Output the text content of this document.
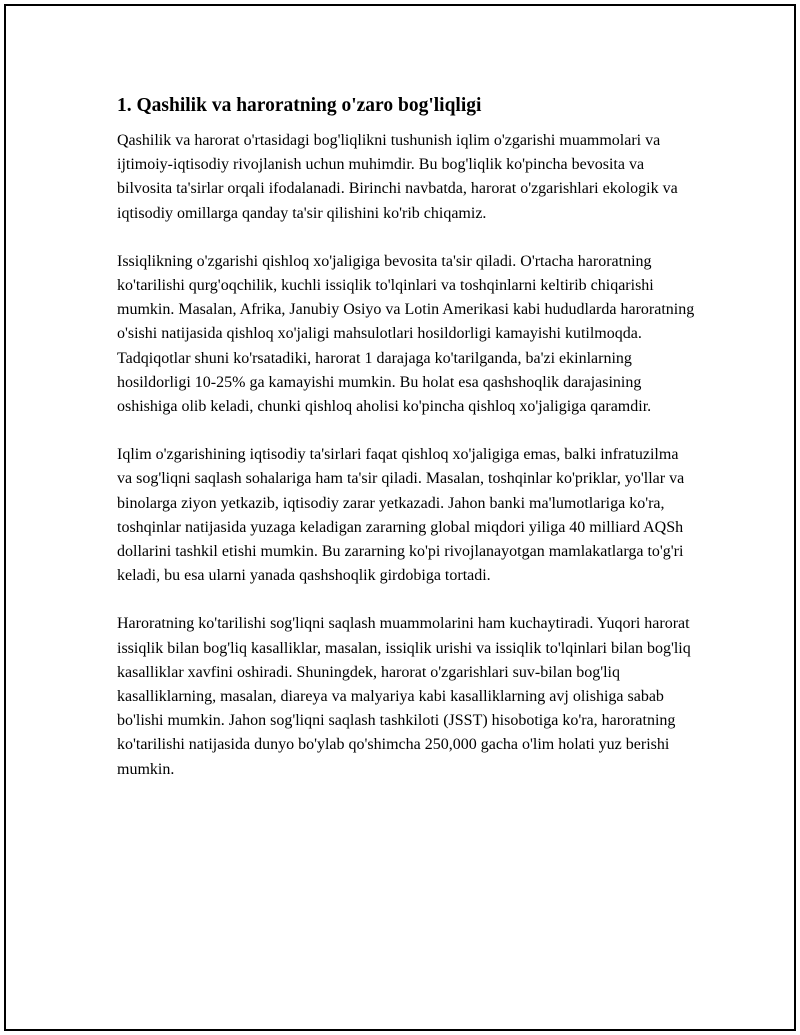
1. Qashilik va haroratning o'zaro bog'liqligi

Qashilik va harorat o'rtasidagi bog'liqlikni tushunish iqlim o'zgarishi muammolari va ijtimoiy-iqtisodiy rivojlanish uchun muhimdir. Bu bog'liqlik ko'pincha bevosita va bilvosita ta'sirlar orqali ifodalanadi. Birinchi navbatda, harorat o'zgarishlari ekologik va iqtisodiy omillarga qanday ta'sir qilishini ko'rib chiqamiz.

Issiqlikning o'zgarishi qishloq xo'jaligiga bevosita ta'sir qiladi. O'rtacha haroratning ko'tarilishi qurg'oqchilik, kuchli issiqlik to'lqinlari va toshqinlarni keltirib chiqarishi mumkin. Masalan, Afrika, Janubiy Osiyo va Lotin Amerikasi kabi hududlarda haroratning o'sishi natijasida qishloq xo'jaligi mahsulotlari hosildorligi kamayishi kutilmoqda. Tadqiqotlar shuni ko'rsatadiki, harorat 1 darajaga ko'tarilganda, ba'zi ekinlarning hosildorligi 10-25% ga kamayishi mumkin. Bu holat esa qashshoqlik darajasining oshishiga olib keladi, chunki qishloq aholisi ko'pincha qishloq xo'jaligiga qaramdir.

Iqlim o'zgarishining iqtisodiy ta'sirlari faqat qishloq xo'jaligiga emas, balki infratuzilma va sog'liqni saqlash sohalariga ham ta'sir qiladi. Masalan, toshqinlar ko'priklar, yo'llar va binolarga ziyon yetkazib, iqtisodiy zarar yetkazadi. Jahon banki ma'lumotlariga ko'ra, toshqinlar natijasida yuzaga keladigan zararning global miqdori yiliga 40 milliard AQSh dollarini tashkil etishi mumkin. Bu zararning ko'pi rivojlanayotgan mamlakatlarga to'g'ri keladi, bu esa ularni yanada qashshoqlik girdobiga tortadi.

Haroratning ko'tarilishi sog'liqni saqlash muammolarini ham kuchaytiradi. Yuqori harorat issiqlik bilan bog'liq kasalliklar, masalan, issiqlik urishi va issiqlik to'lqinlari bilan bog'liq kasalliklar xavfini oshiradi. Shuningdek, harorat o'zgarishlari suv-bilan bog'liq kasalliklarning, masalan, diareya va malyariya kabi kasalliklarning avj olishiga sabab bo'lishi mumkin. Jahon sog'liqni saqlash tashkiloti (JSST) hisobotiga ko'ra, haroratning ko'tarilishi natijasida dunyo bo'ylab qo'shimcha 250,000 gacha o'lim holati yuz berishi mumkin.
